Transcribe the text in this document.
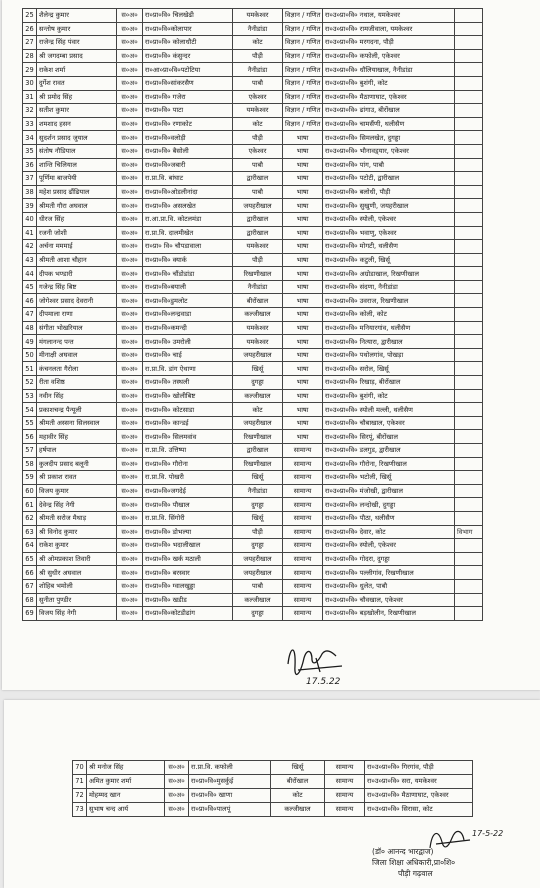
25	शैलेन्द्र कुमार	स०अ०	रा०प्रा०वि० चिलखेढी	यमकेश्वर	विज्ञान / गणित	रा०उ०प्रा०वि० नथाल, यमकेश्वर	
26	सन्तोष कुमार	स०अ०	रा०प्रा०वि०कोलापार	नैनीडांडा	विज्ञान / गणित	रा०उ०प्रा०वि० रामजीवाला, यमकेश्वर	
27	राजेन्द्र सिंह पंवार	स०अ०	रा०प्रा०वि० कोलाधौटी	कोट	विज्ञान / गणित	रा०उ०प्रा०वि० मरगदना, पौड़ी	
28	श्री जगदम्बा प्रसाद	स०अ०	रा०प्रा०वि० कंसुन्दर	पौड़ी	विज्ञान / गणित	रा०उ०प्रा०वि० कफोली, एकेश्वर	
29	राकेश शर्मा	स०अ०	रा०आ०प्रा०वि०पटोटिया	नैनीडांडा	विज्ञान / गणित	रा०उ०प्रा०वि० धौलियाखाल, नैनीडांडा	
30	दुर्गेश रावत	स०अ०	रा०प्रा०वि०सांकरसैण	पाबौ	विज्ञान / गणित	रा०उ०प्रा०वि० बुशंगी, कोट	
31	श्री प्रमोद सिंह	स०अ०	रा०प्रा०वि० गजेरा	एकेश्वर	विज्ञान / गणित	रा०उ०प्रा०वि० मैठाणाघाट, एकेश्वर	
32	सतीश कुमार	स०अ०	रा०प्रा०वि० पाटा	यमकेश्वर	विज्ञान / गणित	रा०उ०प्रा०वि० ढांगाउ, बीरोंखाल	
33	शमशाद हसन	स०अ०	रा०प्रा०वि० रणाकोट	कोट	विज्ञान / गणित	रा०उ०प्रा०वि० चामसैंणी, थलीसैण	
34	सुदर्शन प्रसाद जुयाल	स०अ०	रा०प्रा०वि०वलोड़ी	पौड़ी	भाषा	रा०उ०प्रा०वि० सिमलखेत, दुगड्डा	
35	संतोष नौडियाल	स०अ०	रा०प्रा०वि० बैसोली	एकेश्वर	भाषा	रा०उ०प्रा०वि० भौनावड़्यार, एकेश्वर	
36	शान्ति चिलियाल	स०अ०	रा०प्रा०वि०जबारी	पाबौ	भाषा	रा०उ०प्रा०वि० पांग, पाबौ	
37	पूर्णिमा बाजपेयी	स०अ०	रा.प्रा.वि. बांघाट	द्वारीखाल	भाषा	रा०उ०प्रा०वि० पटोटी, द्वारीखाल	
38	महेश प्रसाद ढौंढियाल	स०अ०	रा०प्रा०वि०ओडलीनांदा	पाबौ	भाषा	रा०उ०प्रा०वि० बलोधी, पौड़ी	
39	श्रीमती गौरा अघवाल	स०अ०	रा०प्रा०वि० असलखेत	जयहरीखाल	भाषा	रा०उ०प्रा०वि० सुखुणी, जयहरीखाल	
40	धीरज सिंह	स०अ०	रा.आ.प्रा.वि. कोटलमंडा	द्वारीखाल	भाषा	रा०उ०प्रा०वि० स्योली, एकेश्वर	
41	रजनी जोशी	स०अ०	रा.प्रा.वि. दालमीखेत	द्वारीखाल	भाषा	रा०उ०प्रा०वि० भवाणु, एकेश्वर	
42	अर्चना मममाई	स०अ०	रा०प्रा० वि० चौपडावाला	यमकेश्वर	भाषा	रा०उ०प्रा०वि० मोगटी, थलीसैण	
43	श्रीमती आशा चौहान	स०अ०	रा०प्रा०वि० क्यार्क	पौड़ी	भाषा	रा०उ०प्रा०वि० कटुली, खिर्सू	
44	दीपक भण्डारी	स०अ०	रा०प्रा०वि० चौंडोडांडा	रिखणीखाल	भाषा	रा०उ०प्रा०वि० अग्रोडाखाल, रिखणीखाल	
45	गजेन्द्र सिंह बिष्ट	स०अ०	रा०प्रा०वि०बयाली	नैनीडांडा	भाषा	रा०उ०प्रा०वि० संदणा, नैनीडांडा	
46	जोगेश्वर प्रसाद देवरानी	स०अ०	रा०प्रा०वि०डुमलोट	बीरोंखाल	भाषा	रा०उ०प्रा०वि० उवराज, रिखणीखाल	
47	दीपमाला राणा	स०अ०	रा०प्रा०वि०लन्द्रवाडा	कल्जीखाल	भाषा	रा०उ०प्रा०वि० कोली, कोट	
48	संगीता भोखरियाल	स०अ०	रा०प्रा०वि०कमन्दी	यमकेश्वर	भाषा	रा०उ०प्रा०वि० मनियारगांव, थलीसैण	
49	मंगलानन्द पन्त	स०अ०	रा०प्रा०वि० उमरोली	यमकेश्वर	भाषा	रा०उ०प्रा०वि० नित्यारा, द्वारीखाल	
50	मीनाक्षी अघवाल	स०अ०	रा०प्रा०वि० चाई	जयहरीखाल	भाषा	रा०उ०प्रा०वि० पथोलगांव, पोखड़ा	
51	कंचनलता गैरोला	स०अ०	रा.प्रा.वि. डांग ऐथाणा	खिर्सू	भाषा	रा०उ०प्रा०वि० सरोल, खिर्सू	
52	रीता वशिष्ठ	स०अ०	रा०प्रा०वि० तस्थली	दुगड्डा	भाषा	रा०उ०प्रा०वि० रिखाड़, बीरोंखाल	
53	नवीन सिंह	स०अ०	रा०प्रा०वि० खोलीबिष्ट	कल्जीखाल	भाषा	रा०उ०प्रा०वि० बुशंगी, कोट	
54	प्रकाशचन्द्र पैन्यूली	स०अ०	रा०प्रा०वि० कोटसाडा	कोट	भाषा	रा०उ०प्रा०वि० स्योली मल्ली, थलीसैण	
55	श्रीमती अस्सना सिलस्वाल	स०अ०	रा०प्रा०वि० कान्डई	जयहरीखाल	भाषा	रा०उ०प्रा०वि० चौबाखाल, एकेश्वर	
56	महावीर सिंह	स०अ०	रा०प्रा०वि० सिलमवांव	रिखणीखाल	भाषा	रा०उ०प्रा०वि० सिरपूं, बीरोंखाल	
57	हर्षपाल	स०अ०	रा.प्रा.वि. उत्तिष्पा	द्वारीखाल	सामान्य	रा०उ०प्रा०वि० डलगुड, द्वारीखाल	
58	कुलदीप प्रसाद बलूनी	स०अ०	रा०प्रा०वि० गौरोना	रिखणीखाल	सामान्य	रा०उ०प्रा०वि० गौरोना, रिखणीखाल	
59	श्री प्रकाश रावत	स०अ०	रा.प्रा.वि. पोखरी	खिर्सू	सामान्य	रा०उ०प्रा०वि० भटोली, खिर्सू	
60	विजय कुमार	स०अ०	रा०प्रा०वि०जगदेई	नैनीडांडा	सामान्य	रा०उ०प्रा०वि० मंजोखी, द्वारीखाल	
61	देवेन्द्र सिंह नेगी	स०अ०	रा०प्रा०वि० पौखाल	दुगड्डा	सामान्य	रा०उ०प्रा०वि० लन्दोखी, दुगड्डा	
62	श्रीमती सरोज मैथाड़	स०अ०	रा.प्रा.वि. सिंगोरी	खिर्सू	सामान्य	रा०उ०प्रा०वि० पौठा, थलीसैण	
63	श्री विनोद कुमार	स०अ०	रा०प्रा०वि० डोभल्या	पौड़ी	सामान्य	रा०उ०प्रा०वि० देवार, कोट	विभाग
64	राकेश कुमार	स०अ०	रा०प्रा०वि० भदालीखाल	दुगड्डा	सामान्य	रा०उ०प्रा०वि० स्योली, एकेश्वर	
65	श्री ओमप्रकाश तिवारी	स०अ०	रा०प्रा०वि० खर्क मठाली	जयहरीखाल	सामान्य	रा०उ०प्रा०वि० गोदरा, दुगड्डा	
66	श्री सुधीर अघवाल	स०अ०	रा०प्रा०वि० बरस्वार	जयहरीखाल	सामान्य	रा०उ०प्रा०वि० पल्लीगांव, रिखणीखाल	
67	शोहिब भमोली	स०अ०	रा०प्रा०वि० ग्वालखुड्डा	पाबौ	सामान्य	रा०उ०प्रा०वि० धुलेत, पाबौ	
68	सुनीता पुण्डीर	स०अ०	रा०प्रा०वि० खडीड	कल्जीखाल	सामान्य	रा०उ०प्रा०वि० चौवखाल, एकेश्वर	
69	विजय सिंह नेगी	स०अ०	रा०प्रा०वि०कोटडीढांग	दुगड्डा	सामान्य	रा०उ०प्रा०वि० बड़खोलीन, रिखणीखाल	
17.5.22
70	श्री मनोज सिंह	स०अ०	रा.प्रा.वि. कफोली	खिर्सू	सामान्य	रा०उ०प्रा०वि० गिरगांव, पौड़ी
71	अमित कुमार शर्मा	स०अ०	रा०प्रा०वि०मुसर्कुई	बीरोंखाल	सामान्य	रा०उ०प्रा०वि० सरा, यमकेश्वर
72	मोहम्मद खान	स०अ०	रा०प्रा०वि० खाणा	कोट	सामान्य	रा०उ०प्रा०वि० मैठाणाघाट, एकेश्वर
73	सुभाष चन्द आर्य	स०अ०	रा०प्रा०वि०पालपूं	कल्जीखाल	सामान्य	रा०उ०प्रा०वि० सिरासा, कोट
17-5-22
(डॉ० आनन्द भारद्वाज)
जिला शिक्षा अधिकारी,प्रा०शि०
पौड़ी गढ़वाल
